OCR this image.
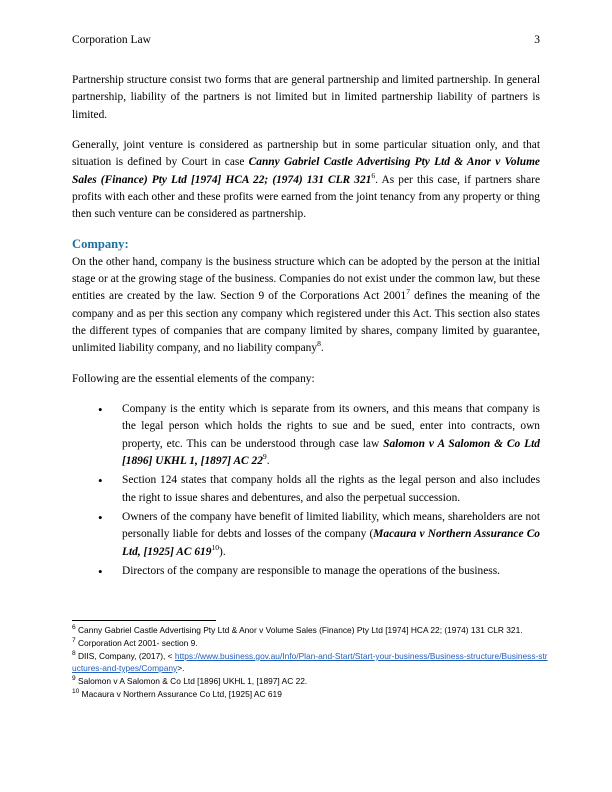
Corporation Law	3

Partnership structure consist two forms that are general partnership and limited partnership. In general partnership, liability of the partners is not limited but in limited partnership liability of partners is limited.

Generally, joint venture is considered as partnership but in some particular situation only, and that situation is defined by Court in case Canny Gabriel Castle Advertising Pty Ltd & Anor v Volume Sales (Finance) Pty Ltd [1974] HCA 22; (1974) 131 CLR $321^6$. As per this case, if partners share profits with each other and these profits were earned from the joint tenancy from any property or thing then such venture can be considered as partnership.

Company:

On the other hand, company is the business structure which can be adopted by the person at the initial stage or at the growing stage of the business. Companies do not exist under the common law, but these entities are created by the law. Section 9 of the Corporations Act 2001$^7$ defines the meaning of the company and as per this section any company which registered under this Act. This section also states the different types of companies that are company limited by shares, company limited by guarantee, unlimited liability company, and no liability company$^8$.

Following are the essential elements of the company:

• Company is the entity which is separate from its owners, and this means that company is the legal person which holds the rights to sue and be sued, enter into contracts, own property, etc. This can be understood through case law Salomon v A Salomon & Co Ltd [1896] UKHL 1, [1897] AC $22^9$.
• Section 124 states that company holds all the rights as the legal person and also includes the right to issue shares and debentures, and also the perpetual succession.
• Owners of the company have benefit of limited liability, which means, shareholders are not personally liable for debts and losses of the company (Macaura v Northern Assurance Co Ltd, [1925] AC $619^{10}$).
• Directors of the company are responsible to manage the operations of the business.

$^6$ Canny Gabriel Castle Advertising Pty Ltd & Anor v Volume Sales (Finance) Pty Ltd [1974] HCA 22; (1974) 131 CLR 321.

$^7$ Corporation Act 2001- section 9.

$^8$ DIIS, Company, (2017), < https://www.business.gov.au/Info/Plan-and-Start/Start-your-business/Business-structure/Business-structures-and-types/Company>.

$^9$ Salomon v A Salomon & Co Ltd [1896] UKHL 1, [1897] AC 22.

$^{10}$ Macaura v Northern Assurance Co Ltd, [1925] AC 619
